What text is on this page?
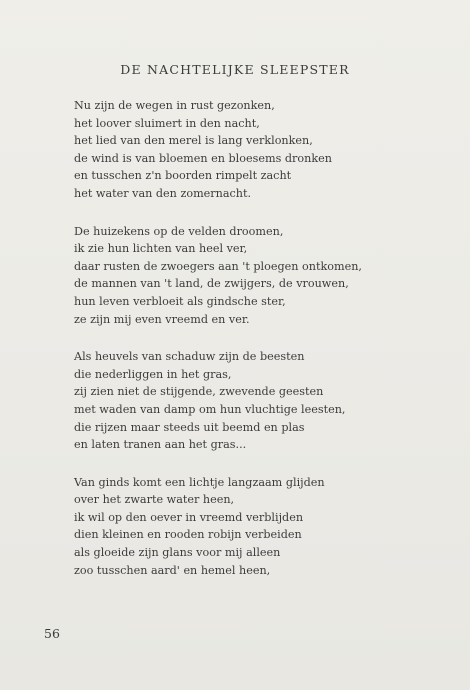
DE NACHTELIJKE SLEEPSTER
Nu zijn de wegen in rust gezonken,
het loover sluimert in den nacht,
het lied van den merel is lang verklonken,
de wind is van bloemen en bloesems dronken
en tusschen z'n boorden rimpelt zacht
het water van den zomernacht.
De huizekens op de velden droomen,
ik zie hun lichten van heel ver,
daar rusten de zwoegers aan 't ploegen ontkomen,
de mannen van 't land, de zwijgers, de vrouwen,
hun leven verbloeit als gindsche ster,
ze zijn mij even vreemd en ver.
Als heuvels van schaduw zijn de beesten
die nederliggen in het gras,
zij zien niet de stijgende, zwevende geesten
met waden van damp om hun vluchtige leesten,
die rijzen maar steeds uit beemd en plas
en laten tranen aan het gras...
Van ginds komt een lichtje langzaam glijden
over het zwarte water heen,
ik wil op den oever in vreemd verblijden
dien kleinen en rooden robijn verbeiden
als gloeide zijn glans voor mij alleen
zoo tusschen aard' en hemel heen,
56
